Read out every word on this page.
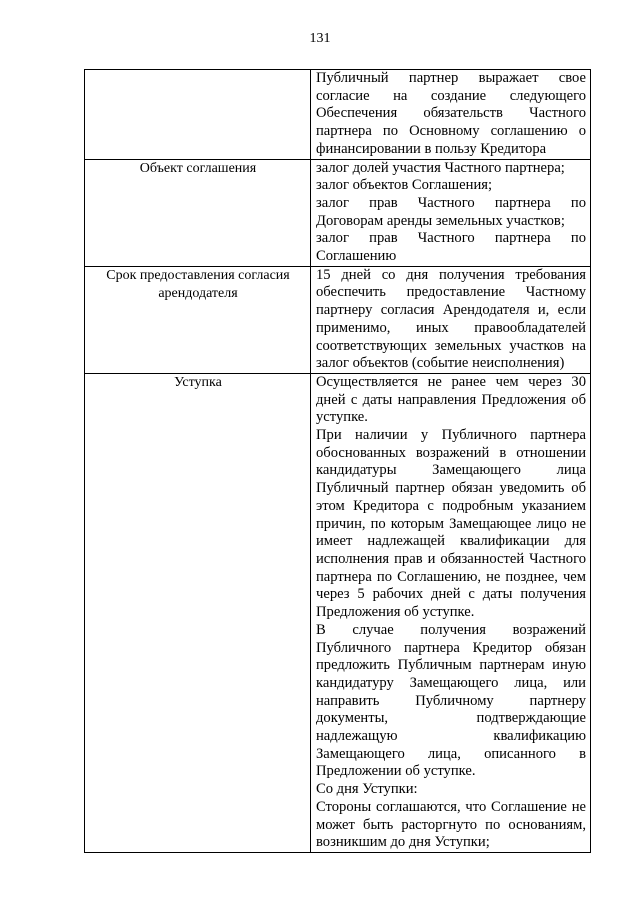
131

	Публичный партнер выражает свое согласие на создание следующего Обеспечения обязательств Частного партнера по Основному соглашению о финансировании в пользу Кредитора

Объект соглашения	залог долей участия Частного партнера;

залог объектов Соглашения;

залог прав Частного партнера по Договорам аренды земельных участков;

залог прав Частного партнера по Соглашению

Срок предоставления согласия арендодателя	15 дней со дня получения требования обеспечить предоставление Частному партнеру согласия Арендодателя и, если применимо, иных правообладателей соответствующих земельных участков на залог объектов (событие неисполнения)

Уступка	Осуществляется не ранее чем через 30 дней с даты направления Предложения об уступке.

При наличии у Публичного партнера обоснованных возражений в отношении кандидатуры Замещающего лица Публичный партнер обязан уведомить об этом Кредитора с подробным указанием причин, по которым Замещающее лицо не имеет надлежащей квалификации для исполнения прав и обязанностей Частного партнера по Соглашению, не позднее, чем через 5 рабочих дней с даты получения Предложения об уступке.

В случае получения возражений Публичного партнера Кредитор обязан предложить Публичным партнерам иную кандидатуру Замещающего лица, или направить Публичному партнеру документы, подтверждающие надлежащую квалификацию Замещающего лица, описанного в Предложении об уступке.

Со дня Уступки:

Стороны соглашаются, что Соглашение не может быть расторгнуто по основаниям, возникшим до дня Уступки;
